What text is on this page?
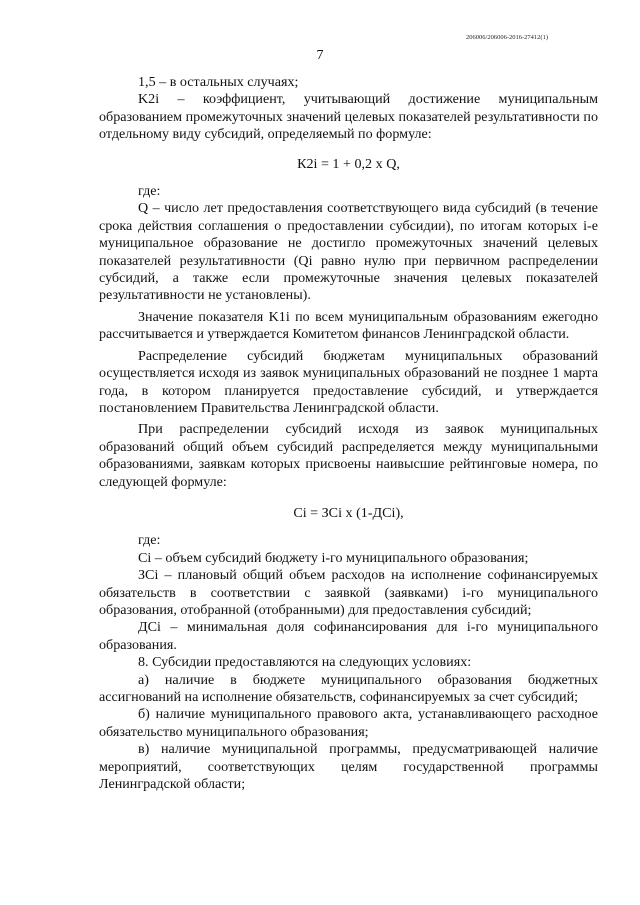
206006/206006-2016-27412(1)
7

1,5 – в остальных случаях;

K2i – коэффициент, учитывающий достижение муниципальным образованием промежуточных значений целевых показателей результативности по отдельному виду субсидий, определяемый по формуле:

К2i = 1 + 0,2 x Q,

где:

Q – число лет предоставления соответствующего вида субсидий (в течение срока действия соглашения о предоставлении субсидии), по итогам которых i-е муниципальное образование не достигло промежуточных значений целевых показателей результативности (Qi равно нулю при первичном распределении субсидий, а также если промежуточные значения целевых показателей результативности не установлены).

Значение показателя K1i по всем муниципальным образованиям ежегодно рассчитывается и утверждается Комитетом финансов Ленинградской области.

Распределение субсидий бюджетам муниципальных образований осуществляется исходя из заявок муниципальных образований не позднее 1 марта года, в котором планируется предоставление субсидий, и утверждается постановлением Правительства Ленинградской области.

При распределении субсидий исходя из заявок муниципальных образований общий объем субсидий распределяется между муниципальными образованиями, заявкам которых присвоены наивысшие рейтинговые номера, по следующей формуле:

Сi = ЗСi x (1-ДСi),

где:

Сi – объем субсидий бюджету i-го муниципального образования;

ЗСi – плановый общий объем расходов на исполнение софинансируемых обязательств в соответствии с заявкой (заявками) i-го муниципального образования, отобранной (отобранными) для предоставления субсидий;

ДСi – минимальная доля софинансирования для i-го муниципального образования.

8. Субсидии предоставляются на следующих условиях:

а) наличие в бюджете муниципального образования бюджетных ассигнований на исполнение обязательств, софинансируемых за счет субсидий;

б) наличие муниципального правового акта, устанавливающего расходное обязательство муниципального образования;

в) наличие муниципальной программы, предусматривающей наличие мероприятий, соответствующих целям государственной программы Ленинградской области;
